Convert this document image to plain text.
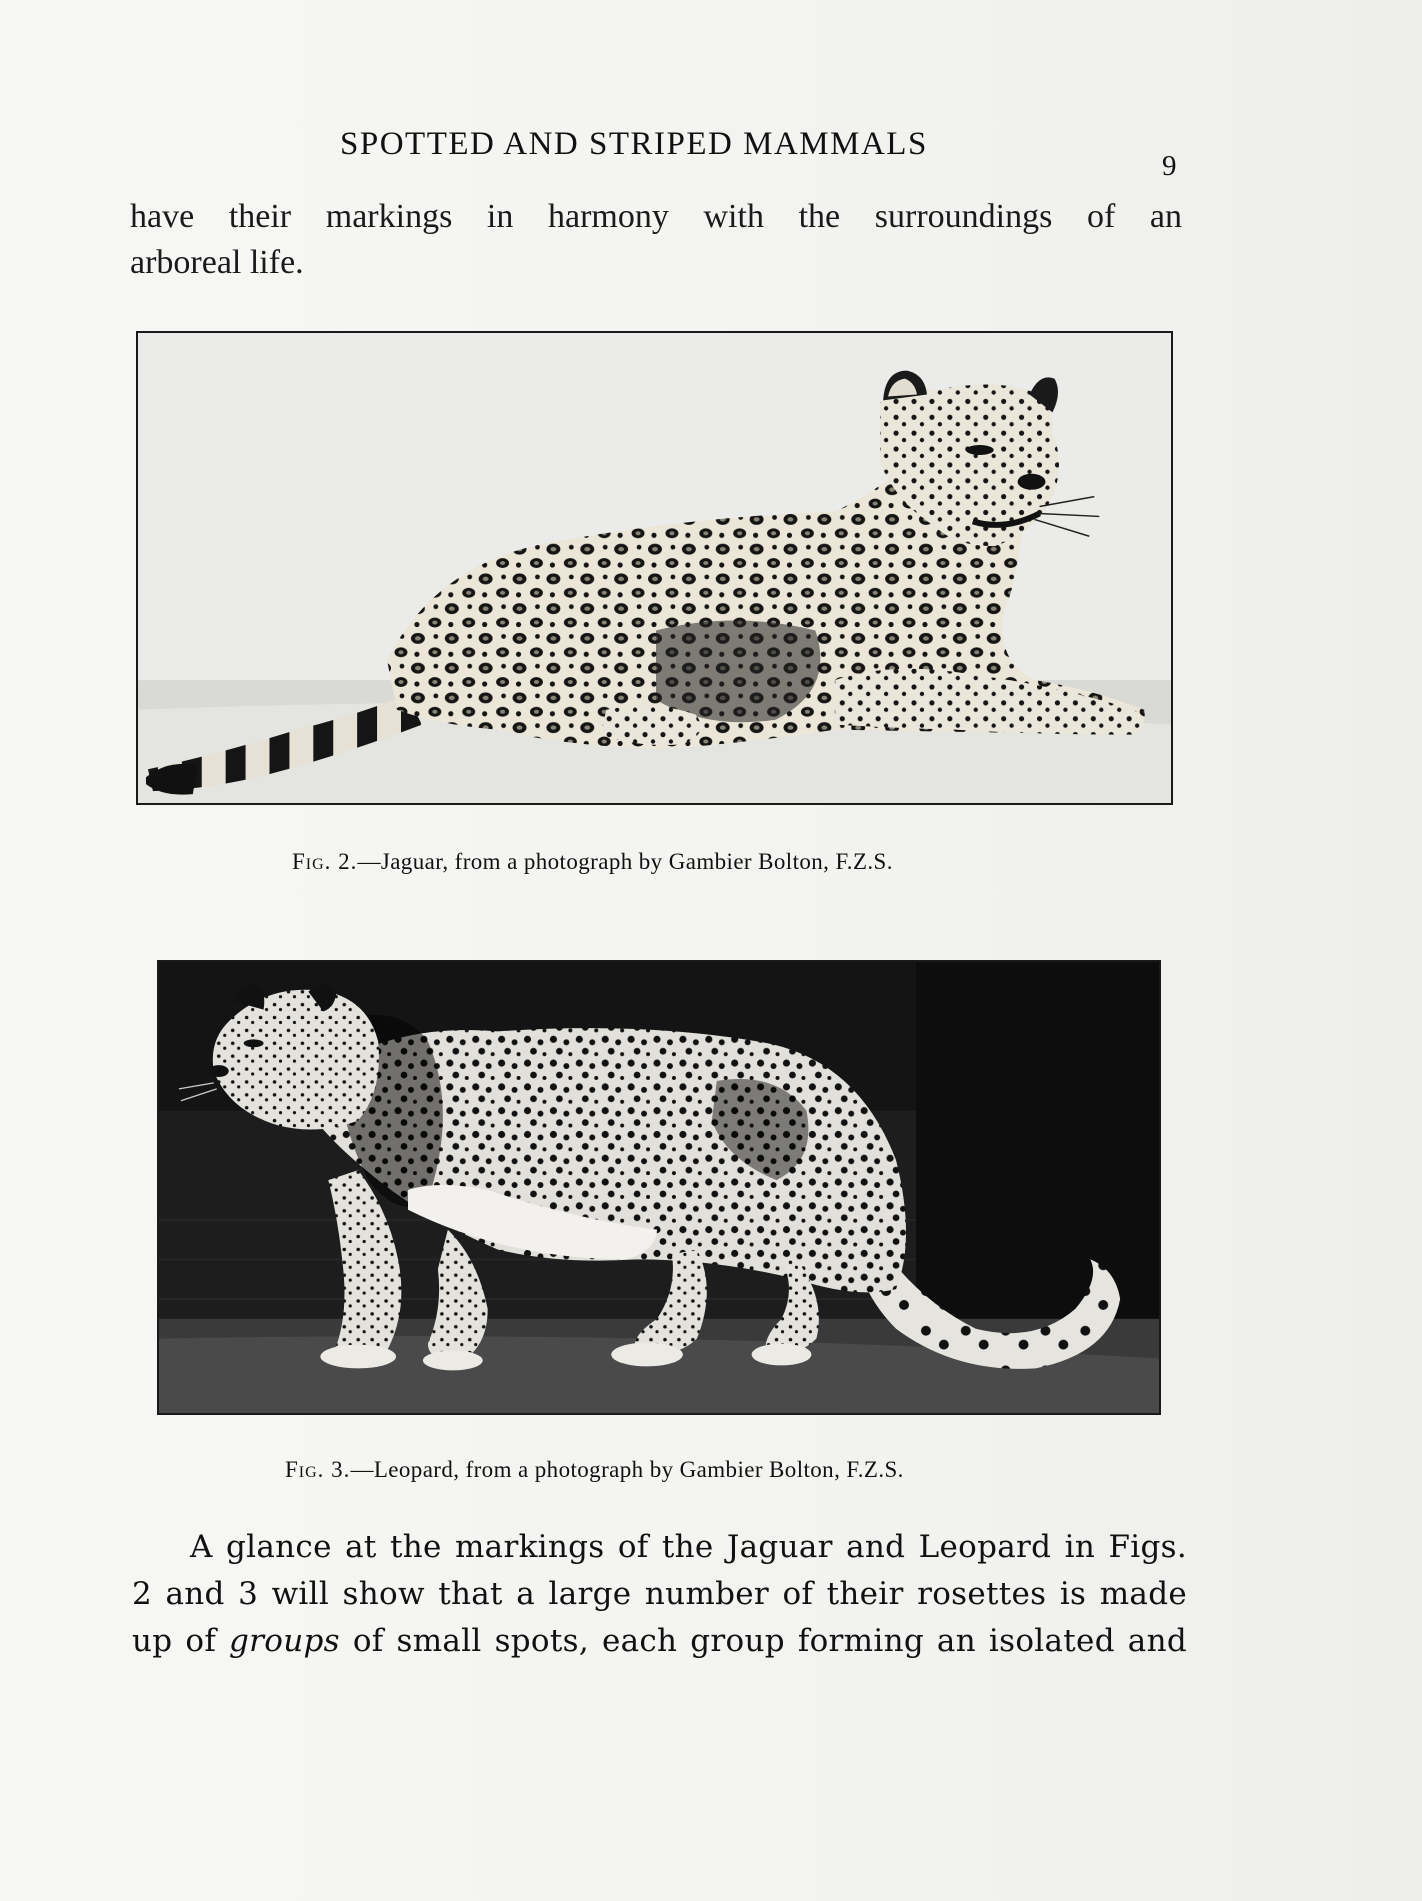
SPOTTED AND STRIPED MAMMALS
9

have their markings in harmony with the surroundings of an
arboreal life.

Fig. 2.—Jaguar, from a photograph by Gambier Bolton, F.Z.S.
Fig. 3.—Leopard, from a photograph by Gambier Bolton, F.Z.S.

A glance at the markings of the Jaguar and Leopard in Figs.
2 and 3 will show that a large number of their rosettes is made
up of groups of small spots, each group forming an isolated and
